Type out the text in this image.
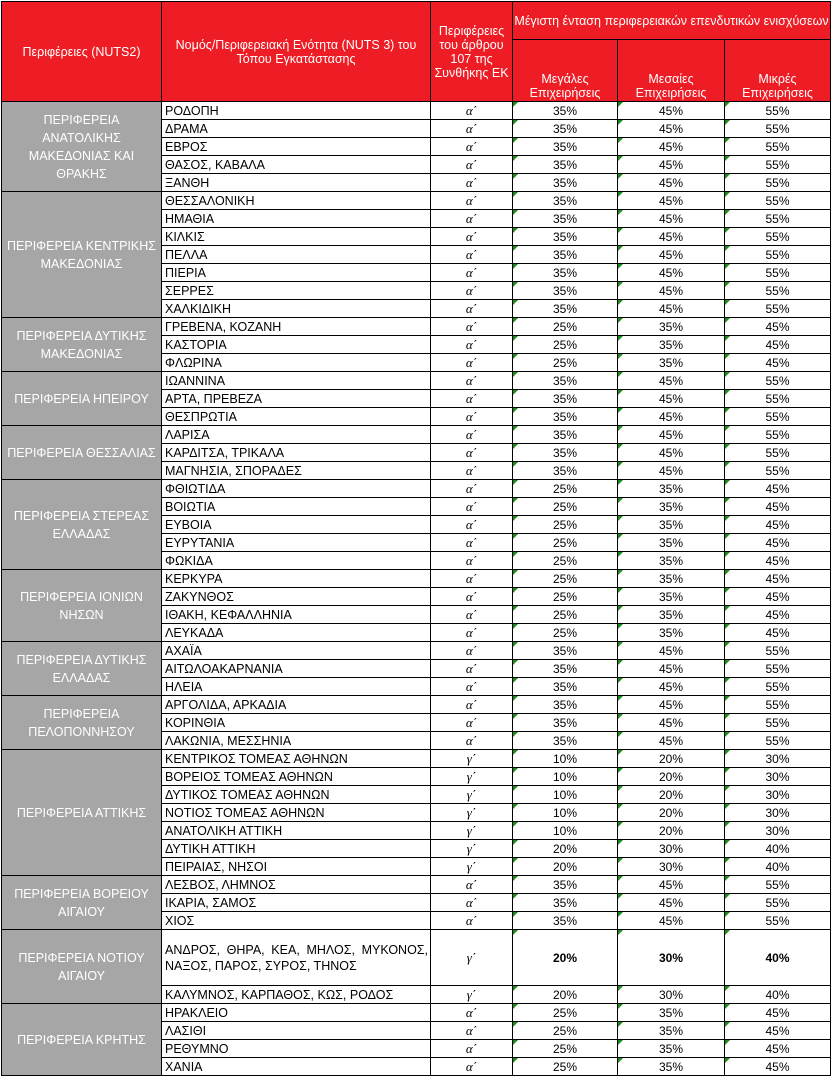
Περιφέρειες (NUTS2)	Νομός/Περιφερειακή Ενότητα (NUTS 3) του Τόπου Εγκατάστασης	Περιφέρειες του άρθρου 107 της Συνθήκης ΕΚ	Μέγιστη ένταση περιφερειακών επενδυτικών ενισχύσεων		
			Μεγάλες Επιχειρήσεις	Μεσαίες Επιχειρήσεις	Μικρές Επιχειρήσεις
ΠΕΡΙΦΕΡΕΙΑ ΑΝΑΤΟΛΙΚΗΣ ΜΑΚΕΔΟΝΙΑΣ ΚΑΙ ΘΡΑΚΗΣ	ΡΟΔΟΠΗ	α΄	35%	45%	55%
	ΔΡΑΜΑ	α΄	35%	45%	55%
	ΕΒΡΟΣ	α΄	35%	45%	55%
	ΘΑΣΟΣ, ΚΑΒΑΛΑ	α΄	35%	45%	55%
	ΞΑΝΘΗ	α΄	35%	45%	55%
ΠΕΡΙΦΕΡΕΙΑ ΚΕΝΤΡΙΚΗΣ ΜΑΚΕΔΟΝΙΑΣ	ΘΕΣΣΑΛΟΝΙΚΗ	α΄	35%	45%	55%
	ΗΜΑΘΙΑ	α΄	35%	45%	55%
	ΚΙΛΚΙΣ	α΄	35%	45%	55%
	ΠΕΛΛΑ	α΄	35%	45%	55%
	ΠΙΕΡΙΑ	α΄	35%	45%	55%
	ΣΕΡΡΕΣ	α΄	35%	45%	55%
	ΧΑΛΚΙΔΙΚΗ	α΄	35%	45%	55%
ΠΕΡΙΦΕΡΕΙΑ ΔΥΤΙΚΗΣ ΜΑΚΕΔΟΝΙΑΣ	ΓΡΕΒΕΝΑ, ΚΟΖΑΝΗ	α΄	25%	35%	45%
	ΚΑΣΤΟΡΙΑ	α΄	25%	35%	45%
	ΦΛΩΡΙΝΑ	α΄	25%	35%	45%
ΠΕΡΙΦΕΡΕΙΑ ΗΠΕΙΡΟΥ	ΙΩΑΝΝΙΝΑ	α΄	35%	45%	55%
	ΑΡΤΑ, ΠΡΕΒΕΖΑ	α΄	35%	45%	55%
	ΘΕΣΠΡΩΤΙΑ	α΄	35%	45%	55%
ΠΕΡΙΦΕΡΕΙΑ ΘΕΣΣΑΛΙΑΣ	ΛΑΡΙΣΑ	α΄	35%	45%	55%
	ΚΑΡΔΙΤΣΑ, ΤΡΙΚΑΛΑ	α΄	35%	45%	55%
	ΜΑΓΝΗΣΙΑ, ΣΠΟΡΑΔΕΣ	α΄	35%	45%	55%
ΠΕΡΙΦΕΡΕΙΑ ΣΤΕΡΕΑΣ ΕΛΛΑΔΑΣ	ΦΘΙΩΤΙΔΑ	α΄	25%	35%	45%
	ΒΟΙΩΤΙΑ	α΄	25%	35%	45%
	ΕΥΒΟΙΑ	α΄	25%	35%	45%
	ΕΥΡΥΤΑΝΙΑ	α΄	25%	35%	45%
	ΦΩΚΙΔΑ	α΄	25%	35%	45%
ΠΕΡΙΦΕΡΕΙΑ ΙΟΝΙΩΝ ΝΗΣΩΝ	ΚΕΡΚΥΡΑ	α΄	25%	35%	45%
	ΖΑΚΥΝΘΟΣ	α΄	25%	35%	45%
	ΙΘΑΚΗ, ΚΕΦΑΛΛΗΝΙΑ	α΄	25%	35%	45%
	ΛΕΥΚΑΔΑ	α΄	25%	35%	45%
ΠΕΡΙΦΕΡΕΙΑ ΔΥΤΙΚΗΣ ΕΛΛΑΔΑΣ	ΑΧΑΪΑ	α΄	35%	45%	55%
	ΑΙΤΩΛΟΑΚΑΡΝΑΝΙΑ	α΄	35%	45%	55%
	ΗΛΕΙΑ	α΄	35%	45%	55%
ΠΕΡΙΦΕΡΕΙΑ ΠΕΛΟΠΟΝΝΗΣΟΥ	ΑΡΓΟΛΙΔΑ, ΑΡΚΑΔΙΑ	α΄	35%	45%	55%
	ΚΟΡΙΝΘΙΑ	α΄	35%	45%	55%
	ΛΑΚΩΝΙΑ, ΜΕΣΣΗΝΙΑ	α΄	35%	45%	55%
ΠΕΡΙΦΕΡΕΙΑ ΑΤΤΙΚΗΣ	ΚΕΝΤΡΙΚΟΣ ΤΟΜΕΑΣ ΑΘΗΝΩΝ	γ΄	10%	20%	30%
	ΒΟΡΕΙΟΣ ΤΟΜΕΑΣ ΑΘΗΝΩΝ	γ΄	10%	20%	30%
	ΔΥΤΙΚΟΣ ΤΟΜΕΑΣ ΑΘΗΝΩΝ	γ΄	10%	20%	30%
	ΝΟΤΙΟΣ ΤΟΜΕΑΣ ΑΘΗΝΩΝ	γ΄	10%	20%	30%
	ΑΝΑΤΟΛΙΚΗ ΑΤΤΙΚΗ	γ΄	10%	20%	30%
	ΔΥΤΙΚΗ ΑΤΤΙΚΗ	γ΄	20%	30%	40%
	ΠΕΙΡΑΙΑΣ, ΝΗΣΟΙ	γ΄	20%	30%	40%
ΠΕΡΙΦΕΡΕΙΑ ΒΟΡΕΙΟΥ ΑΙΓΑΙΟΥ	ΛΕΣΒΟΣ, ΛΗΜΝΟΣ	α΄	35%	45%	55%
	ΙΚΑΡΙΑ, ΣΑΜΟΣ	α΄	35%	45%	55%
	ΧΙΟΣ	α΄	35%	45%	55%
ΠΕΡΙΦΕΡΕΙΑ ΝΟΤΙΟΥ ΑΙΓΑΙΟΥ	ΑΝΔΡΟΣ, ΘΗΡΑ, ΚΕΑ, ΜΗΛΟΣ, ΜΥΚΟΝΟΣ, ΝΑΞΟΣ, ΠΑΡΟΣ, ΣΥΡΟΣ, ΤΗΝΟΣ	γ΄	20%	30%	40%
	ΚΑΛΥΜΝΟΣ, ΚΑΡΠΑΘΟΣ, ΚΩΣ, ΡΟΔΟΣ	γ΄	20%	30%	40%
ΠΕΡΙΦΕΡΕΙΑ ΚΡΗΤΗΣ	ΗΡΑΚΛΕΙΟ	α΄	25%	35%	45%
	ΛΑΣΙΘΙ	α΄	25%	35%	45%
	ΡΕΘΥΜΝΟ	α΄	25%	35%	45%
	ΧΑΝΙΑ	α΄	25%	35%	45%
